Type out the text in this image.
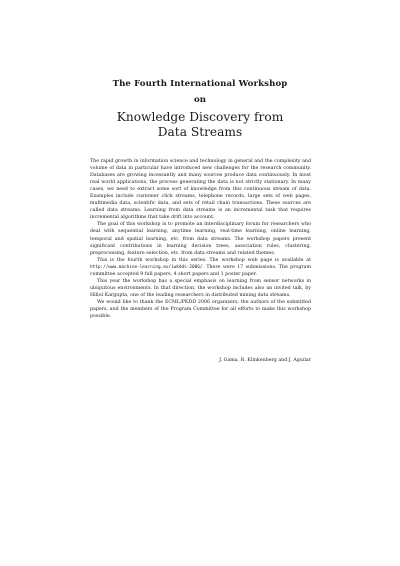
The Fourth International Workshop
on
Knowledge Discovery from
Data Streams

The rapid growth in information science and technology in general and the complexity and volume of data in particular have introduced new challenges for the research community. Databases are growing incessantly and many sources produce data continuously. In most real world applications, the process generating the data is not strictly stationary. In many cases, we need to extract some sort of knowledge from this continuous stream of data. Examples include customer click streams, telephone records, large sets of web pages, multimedia data, scientific data, and sets of retail chain transactions. These sources are called data streams. Learning from data streams is an incremental task that requires incremental algorithms that take drift into account.

The goal of this workshop is to promote an interdisciplinary forum for researchers who deal with sequential learning, anytime learning, real-time learning, online learning, temporal and spatial learning, etc. from data streams. The workshop papers present significant contributions in learning decision trees, association rules, clustering, preprocessing, feature selection, etc. from data streams and related themes.

This is the fourth workshop in this series. The workshop web page is available at http://www.machine-learning.eu/iwkdds-2006/. There were 17 submissions. The program committee accepted 9 full papers, 4 short papers and 1 poster paper.

This year the workshop has a special emphasis on learning from sensor networks in ubiquitous environments. In that direction, the workshop includes also an invited talk, by Hillol Kargupta, one of the leading researchers in distributed mining data streams.

We would like to thank the ECML/PKDD 2006 organizers, the authors of the submitted papers, and the members of the Program Committee for all efforts to make this workshop possible.

J. Gama, R. Klinkenberg and J. Aguilar
